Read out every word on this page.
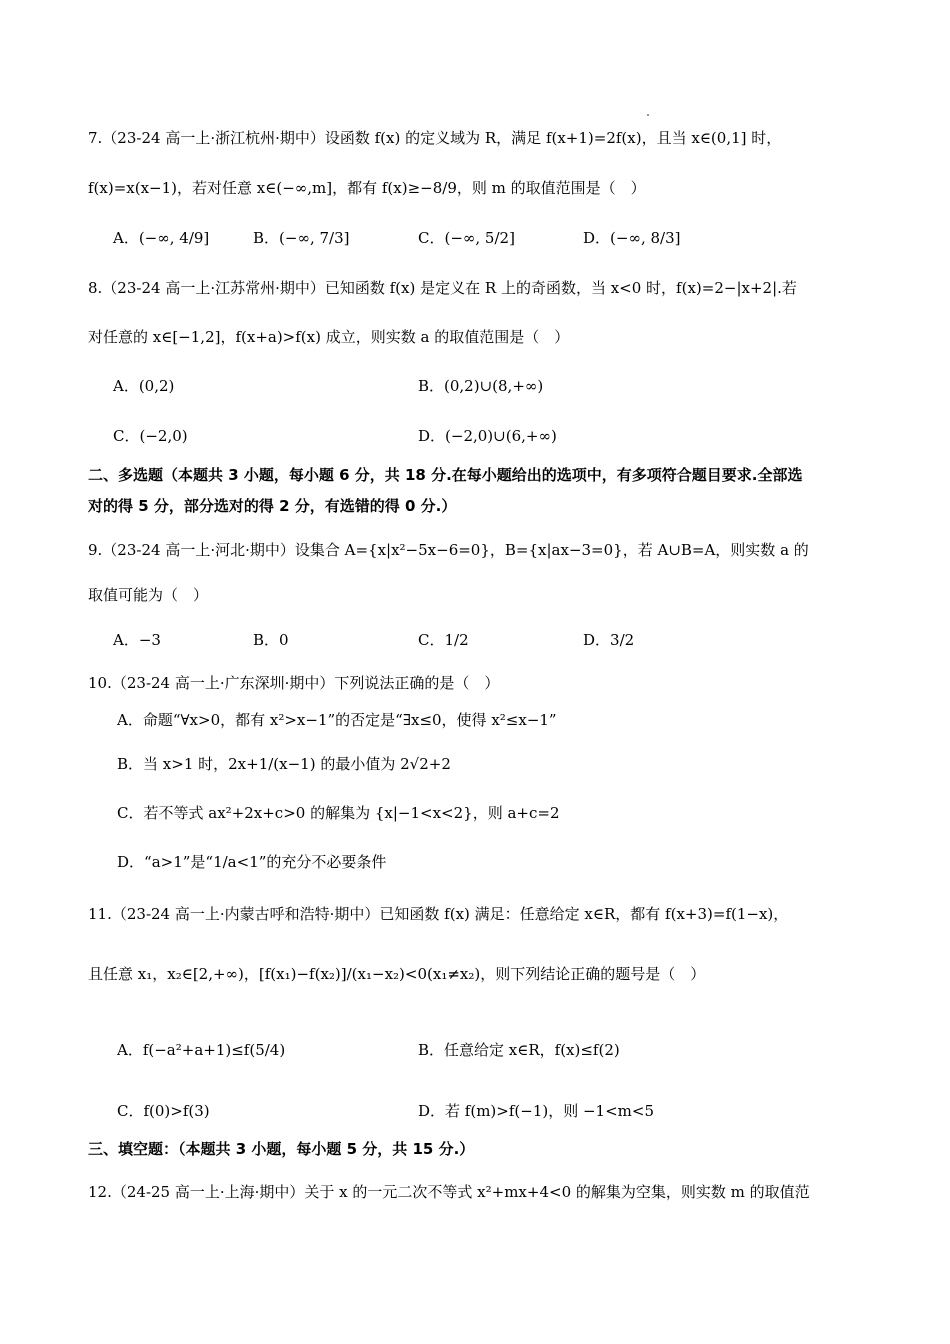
7.（23-24 高一上·浙江杭州·期中）设函数 f(x) 的定义域为 R，满足 f(x+1)=2f(x)，且当 x∈(0,1] 时，
f(x)=x(x−1)，若对任意 x∈(−∞,m]，都有 f(x)≥−8/9，则 m 的取值范围是（　）
A．(−∞, 4/9]	B．(−∞, 7/3]	C．(−∞, 5/2]	D．(−∞, 8/3]
8.（23-24 高一上·江苏常州·期中）已知函数 f(x) 是定义在 R 上的奇函数，当 x<0 时，f(x)=2−|x+2|.若
对任意的 x∈[−1,2]，f(x+a)>f(x) 成立，则实数 a 的取值范围是（　）
A．(0,2)	B．(0,2)∪(8,+∞)
C．(−2,0)	D．(−2,0)∪(6,+∞)
二、多选题（本题共 3 小题，每小题 6 分，共 18 分.在每小题给出的选项中，有多项符合题目要求.全部选
对的得 5 分，部分选对的得 2 分，有选错的得 0 分.）
9.（23-24 高一上·河北·期中）设集合 A={x|x²−5x−6=0}，B={x|ax−3=0}，若 A∪B=A，则实数 a 的
取值可能为（　）
A．−3	B．0	C．1/2	D．3/2
10.（23-24 高一上·广东深圳·期中）下列说法正确的是（　）
A．命题“∀x>0，都有 x²>x−1”的否定是“∃x≤0，使得 x²≤x−1”
B．当 x>1 时，2x+1/(x−1) 的最小值为 2√2+2
C．若不等式 ax²+2x+c>0 的解集为 {x|−1<x<2}，则 a+c=2
D．“a>1”是“1/a<1”的充分不必要条件
11.（23-24 高一上·内蒙古呼和浩特·期中）已知函数 f(x) 满足：任意给定 x∈R，都有 f(x+3)=f(1−x)，
且任意 x₁，x₂∈[2,+∞)，[f(x₁)−f(x₂)]/(x₁−x₂)<0(x₁≠x₂)，则下列结论正确的题号是（　）
A．f(−a²+a+1)≤f(5/4)	B．任意给定 x∈R，f(x)≤f(2)
C．f(0)>f(3)	D．若 f(m)>f(−1)，则 −1<m<5
三、填空题：（本题共 3 小题，每小题 5 分，共 15 分.）
12.（24-25 高一上·上海·期中）关于 x 的一元二次不等式 x²+mx+4<0 的解集为空集，则实数 m 的取值范
